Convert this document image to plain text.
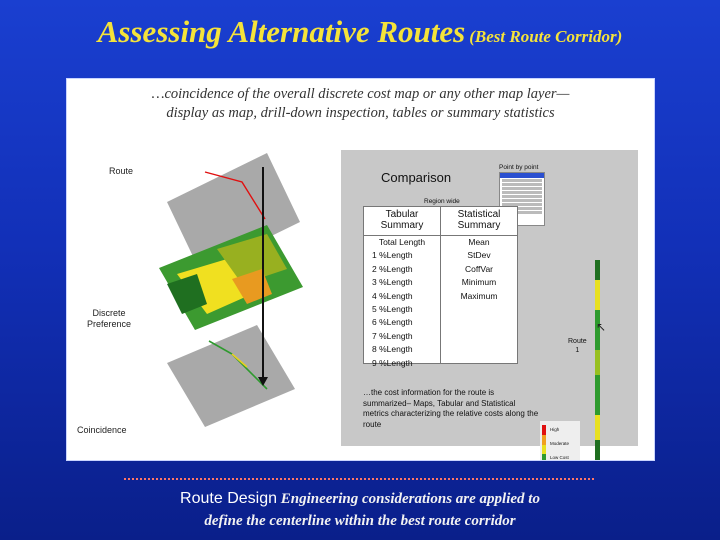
Assessing Alternative Routes (Best Route Corridor)
…coincidence of the overall discrete cost map or any other map layer—
display as map, drill-down inspection, tables or summary statistics
Route
Discrete
Preference
Coincidence
Comparison
Point by point
Region wide
Tabular
Summary
Total Length
1 %Length
2 %Length
3 %Length
4 %Length
5 %Length
6 %Length
7 %Length
8 %Length
9 %Length
Statistical
Summary
Mean
StDev
CoffVar
Minimum
Maximum
…the cost information for the route is summarized– Maps, Tabular and Statistical metrics characterizing the relative costs along the route
High
Moderate
Low Cost
Route
1
↖
Route Design Engineering considerations are applied to
define the centerline within the best route corridor
